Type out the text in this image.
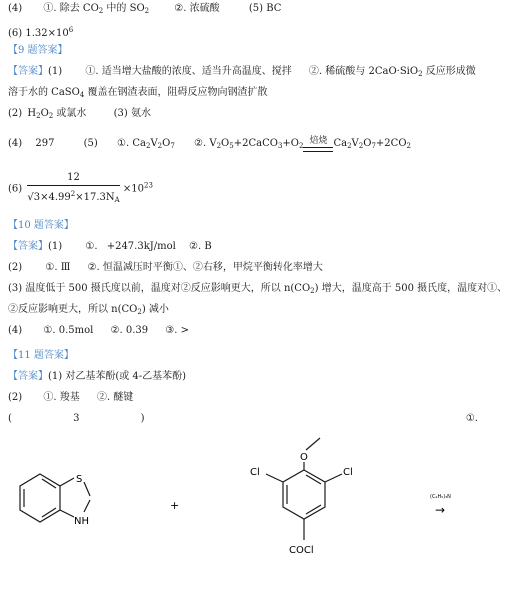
(4) ①. 除去 $CO_2$ 中的 $SO_2$	②. 浓硫酸	(5) BC
(6) $1.32\times 10^6$
【9 题答案】
【答案】(1) ①. 适当增大盐酸的浓度、适当升高温度、搅拌 ②. 稀硫酸与 2CaO·SiO$_2$ 反应形成微
溶于水的 CaSO$_4$ 覆盖在钢渣表面，阻碍反应物向钢渣扩散
(2) $H_2O_2$ 或氯水	(3) 氨水
(4) 297	(5) ①. $Ca_2V_2O_7$ ②. $V_2O_5+2CaCO_3+O_2$ 焙烧 $Ca_2V_2O_7+2CO_2$
$(6) \frac{12}{√3\times 4.99^2\times 17.3N_A} \times 10^{23}$
【10 题答案】
【答案】(1) ①. +247.3kJ/mol ②. B
(2) ①. Ⅲ ②. 恒温减压时平衡①、②右移，甲烷平衡转化率增大
(3) 温度低于 500 摄氏度以前，温度对②反应影响更大，所以 $n(CO_2)$ 增大，温度高于 500 摄氏度，温度对①、
②反应影响更大，所以 $n(CO_2)$ 减小
(4) ①. 0.5mol ②. 0.39 ③. >
【11 题答案】
【答案】(1) 对乙基苯酚(或 4-乙基苯酚)
(2) ①. 羧基 ②. 醚键
(	3	)	①.
S
NH
+
O
Cl	Cl
COCl
(C₂H₅)₃N
→
